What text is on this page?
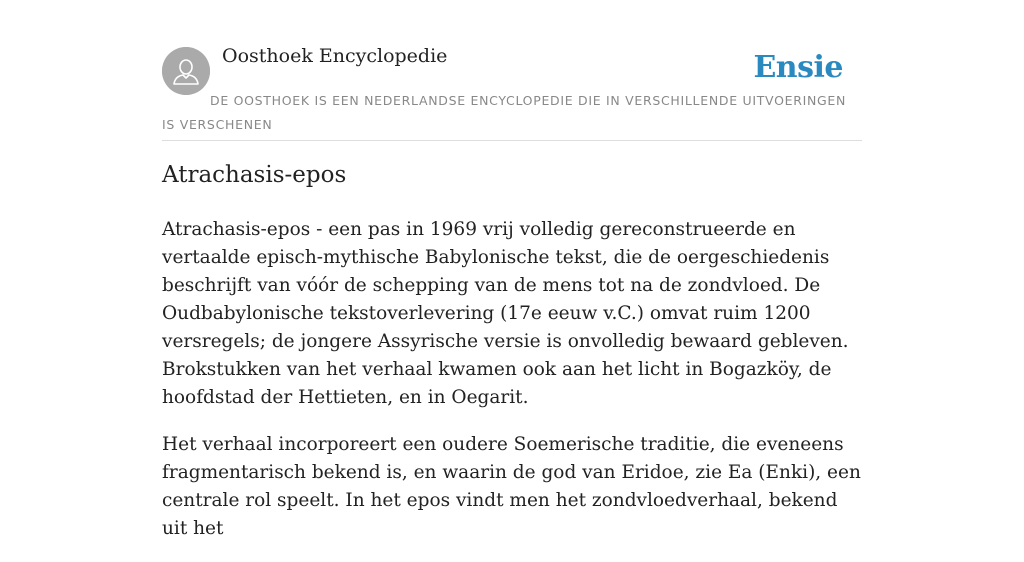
Oosthoek Encyclopedie	Ensie
DE OOSTHOEK IS EEN NEDERLANDSE ENCYCLOPEDIE DIE IN VERSCHILLENDE UITVOERINGEN IS VERSCHENEN
Atrachasis-epos

Atrachasis-epos - een pas in 1969 vrij volledig gereconstrueerde en vertaalde episch-mythische Babylonische tekst, die de oergeschiedenis beschrijft van vóór de schepping van de mens tot na de zondvloed. De Oudbabylonische tekstoverlevering (17e eeuw v.C.) omvat ruim 1200 versregels; de jongere Assyrische versie is onvolledig bewaard gebleven. Brokstukken van het verhaal kwamen ook aan het licht in Bogazköy, de hoofdstad der Hettieten, en in Oegarit.

Het verhaal incorporeert een oudere Soemerische traditie, die eveneens fragmentarisch bekend is, en waarin de god van Eridoe, zie Ea (Enki), een centrale rol speelt. In het epos vindt men het zondvloedverhaal, bekend uit het
